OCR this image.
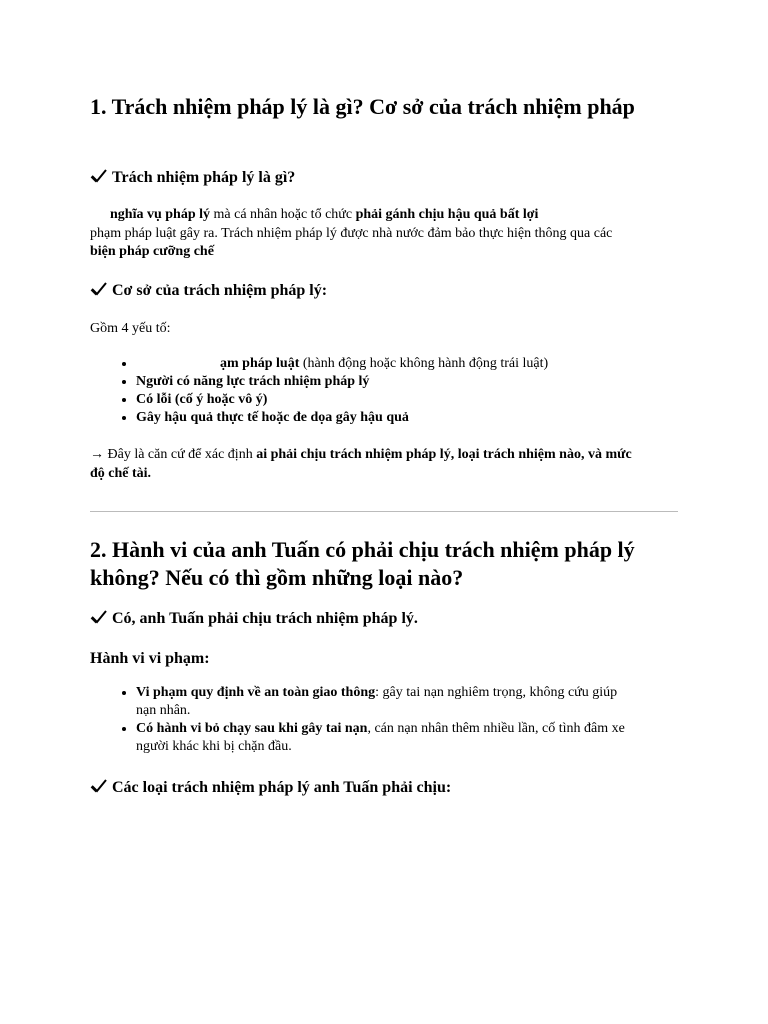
1. Trách nhiệm pháp lý là gì? Cơ sở của trách nhiệm pháp
Trách nhiệm pháp lý là gì?
nghĩa vụ pháp lý mà cá nhân hoặc tổ chức phải gánh chịu hậu quả bất lợi
phạm pháp luật gây ra. Trách nhiệm pháp lý được nhà nước đảm bảo thực hiện thông qua các
biện pháp cưỡng chế
Cơ sở của trách nhiệm pháp lý:
Gồm 4 yếu tố:
• ạm pháp luật (hành động hoặc không hành động trái luật)
• Người có năng lực trách nhiệm pháp lý
• Có lỗi (cố ý hoặc vô ý)
• Gây hậu quả thực tế hoặc đe dọa gây hậu quả
→ Đây là căn cứ để xác định ai phải chịu trách nhiệm pháp lý, loại trách nhiệm nào, và mức
độ chế tài.
2. Hành vi của anh Tuấn có phải chịu trách nhiệm pháp lý
không? Nếu có thì gồm những loại nào?
Có, anh Tuấn phải chịu trách nhiệm pháp lý.
Hành vi vi phạm:
• Vi phạm quy định về an toàn giao thông: gây tai nạn nghiêm trọng, không cứu giúp
nạn nhân.
• Có hành vi bỏ chạy sau khi gây tai nạn, cán nạn nhân thêm nhiều lần, cố tình đâm xe
người khác khi bị chặn đầu.
Các loại trách nhiệm pháp lý anh Tuấn phải chịu:
